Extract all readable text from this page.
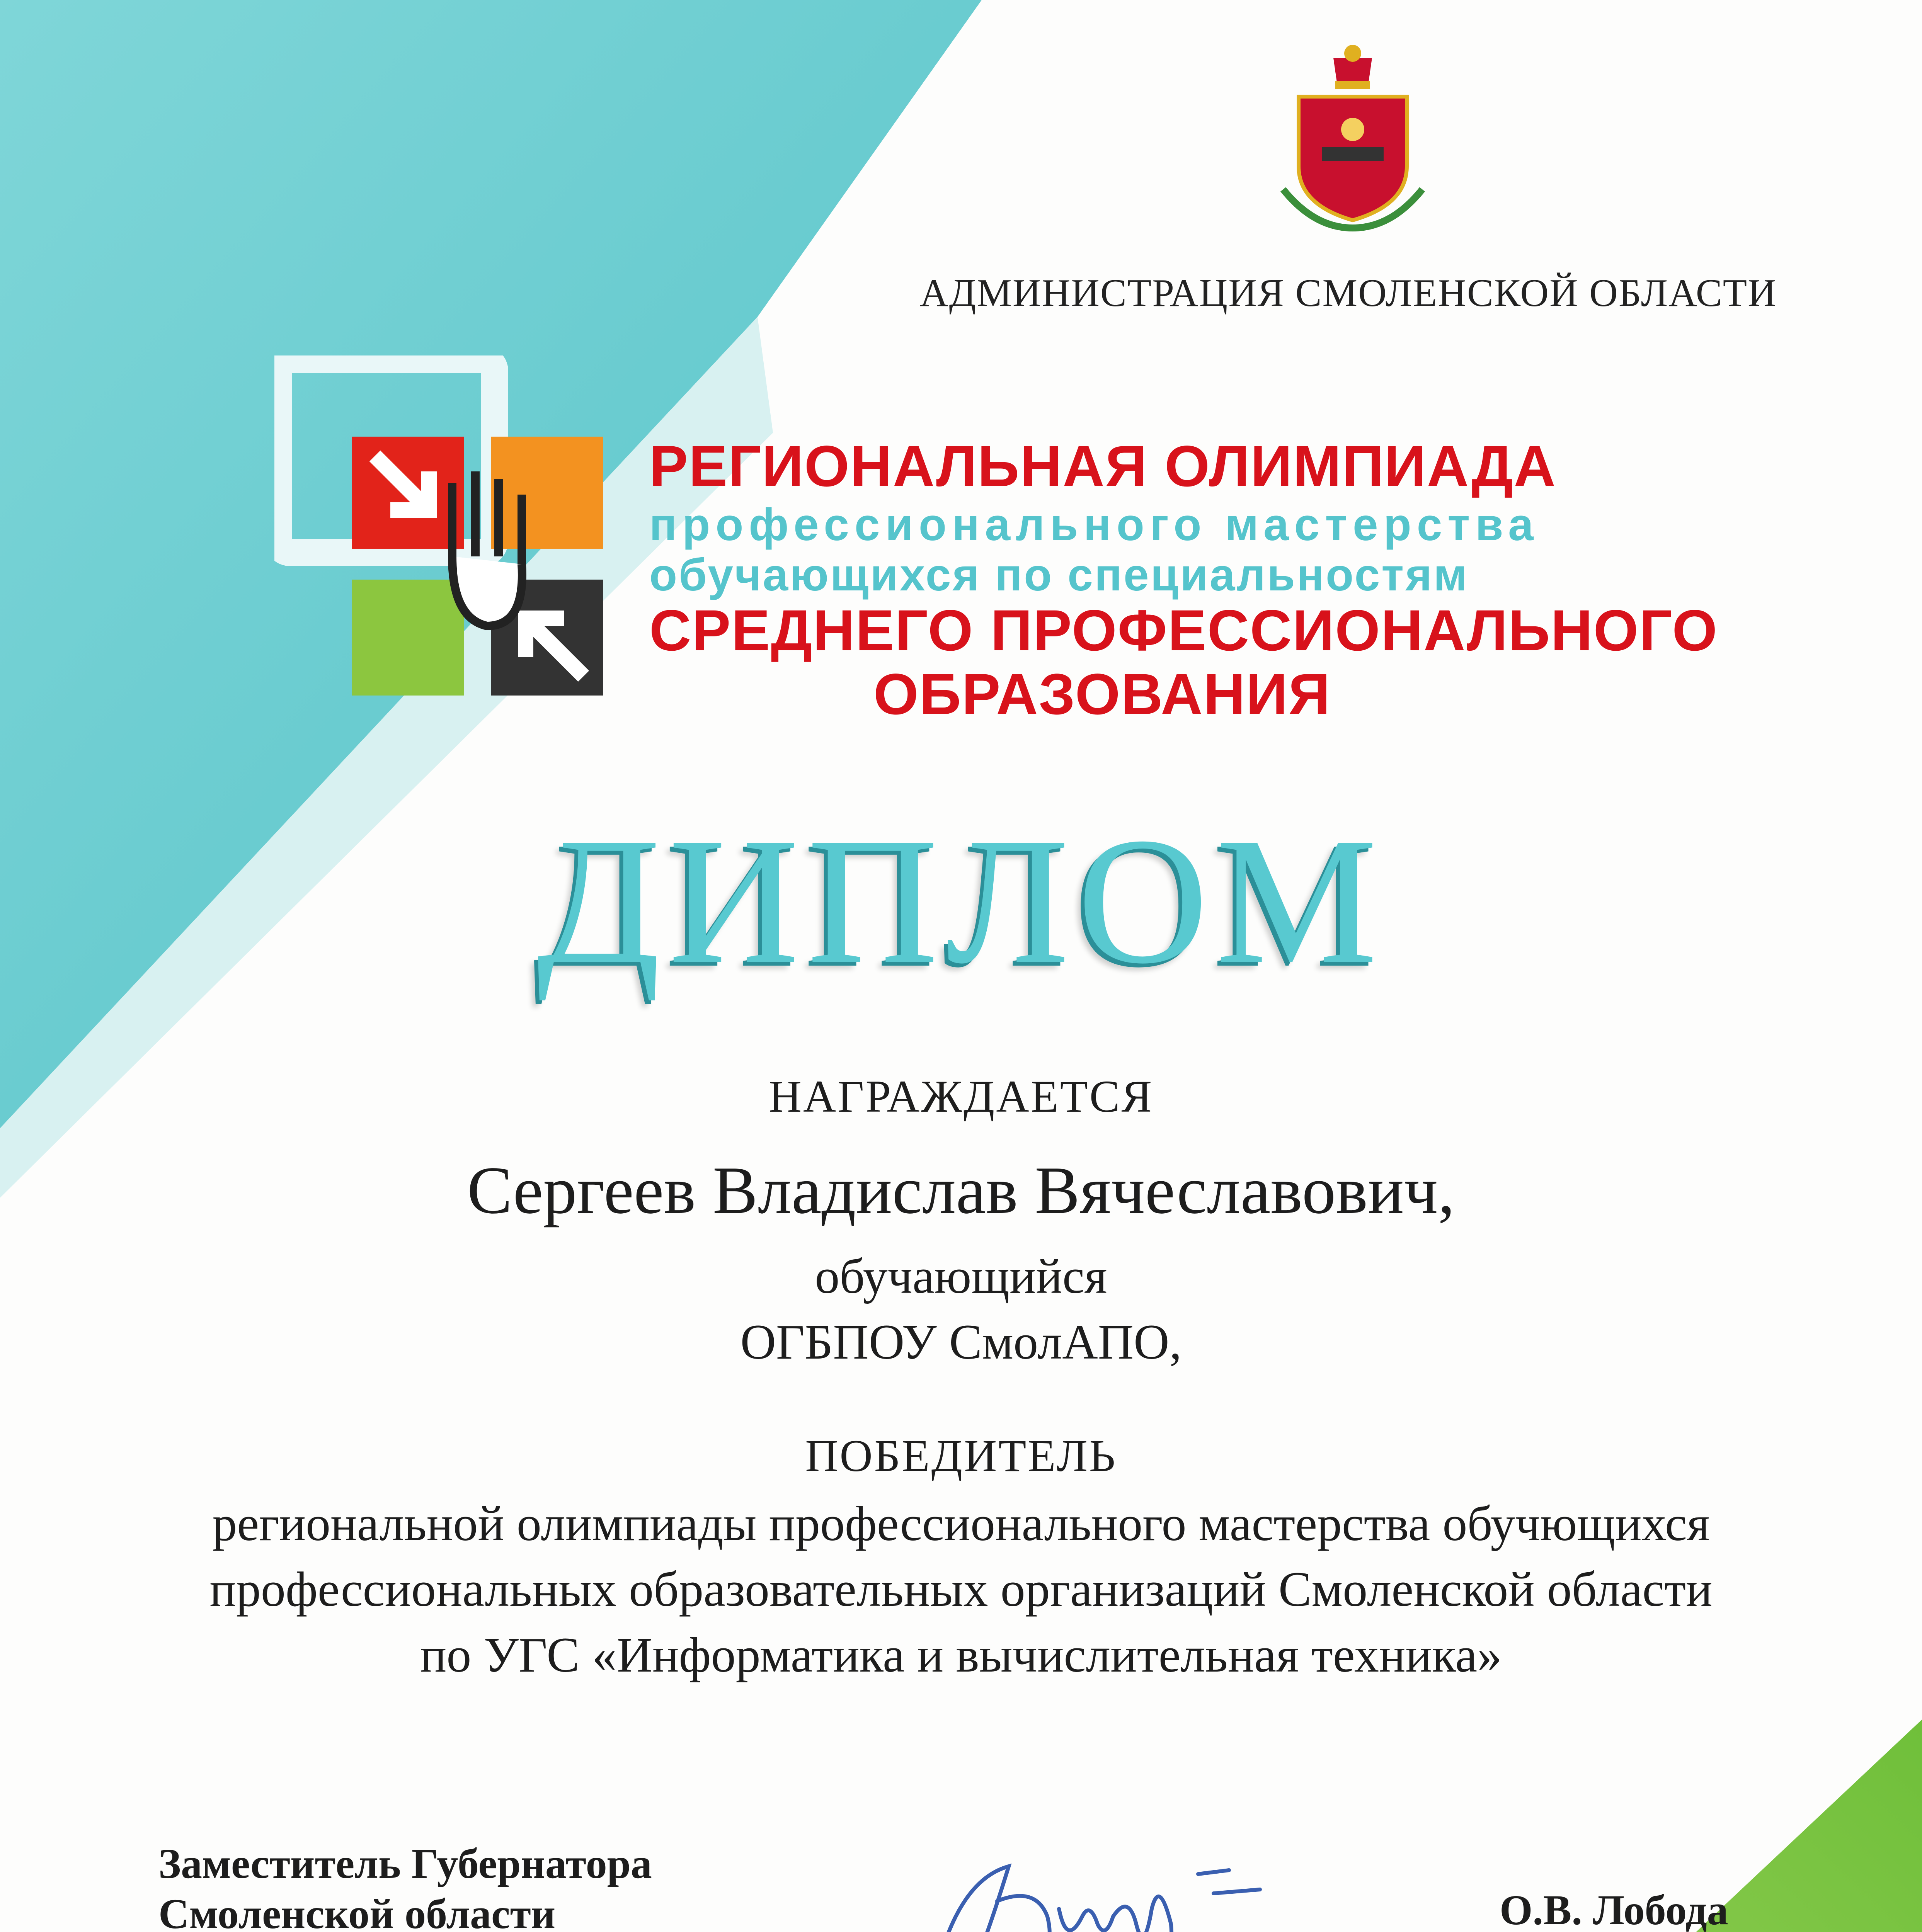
АДМИНИСТРАЦИЯ СМОЛЕНСКОЙ ОБЛАСТИ
РЕГИОНАЛЬНАЯ ОЛИМПИАДА
профессионального мастерства
обучающихся по специальностям
СРЕДНЕГО ПРОФЕССИОНАЛЬНОГО
ОБРАЗОВАНИЯ
ДИПЛОМ
НАГРАЖДАЕТСЯ
Сергеев Владислав Вячеславович,
обучающийся
ОГБПОУ СмолАПО,
ПОБЕДИТЕЛЬ
региональной олимпиады профессионального мастерства обучющихся
профессиональных образовательных организаций Смоленской области
по УГС «Информатика и вычислительная техника»
Заместитель Губернатора
Смоленской области	О.В. Лобода
